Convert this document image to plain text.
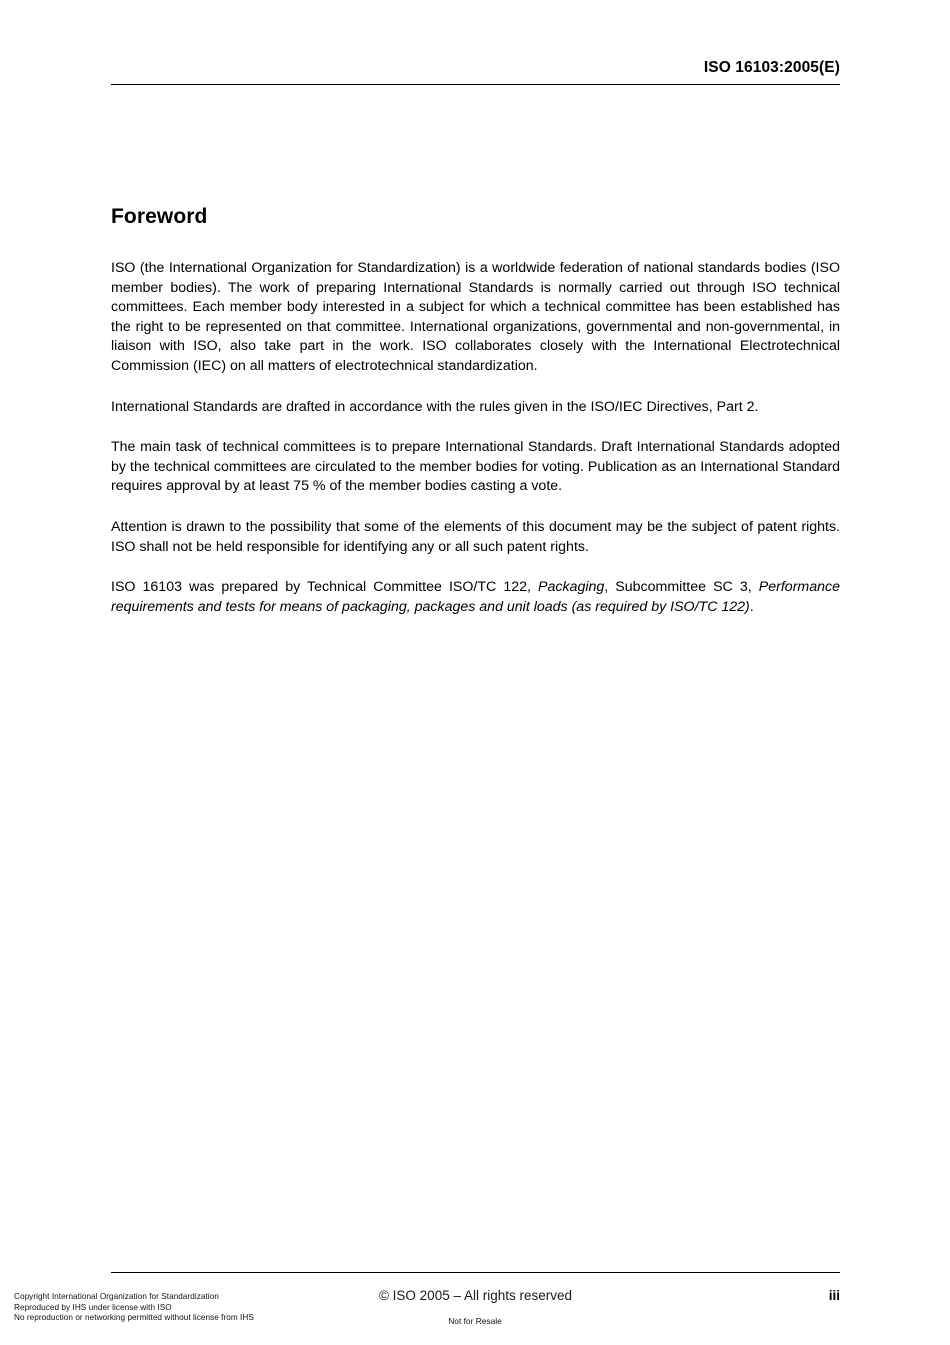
ISO 16103:2005(E)
Foreword

ISO (the International Organization for Standardization) is a worldwide federation of national standards bodies (ISO member bodies). The work of preparing International Standards is normally carried out through ISO technical committees. Each member body interested in a subject for which a technical committee has been established has the right to be represented on that committee. International organizations, governmental and non-governmental, in liaison with ISO, also take part in the work. ISO collaborates closely with the International Electrotechnical Commission (IEC) on all matters of electrotechnical standardization.

International Standards are drafted in accordance with the rules given in the ISO/IEC Directives, Part 2.

The main task of technical committees is to prepare International Standards. Draft International Standards adopted by the technical committees are circulated to the member bodies for voting. Publication as an International Standard requires approval by at least 75 % of the member bodies casting a vote.

Attention is drawn to the possibility that some of the elements of this document may be the subject of patent rights. ISO shall not be held responsible for identifying any or all such patent rights.

ISO 16103 was prepared by Technical Committee ISO/TC 122, Packaging, Subcommittee SC 3, Performance requirements and tests for means of packaging, packages and unit loads (as required by ISO/TC 122).

© ISO 2005 – All rights reserved	iii
Copyright International Organization for Standardization
Reproduced by IHS under license with ISO
No reproduction or networking permitted without license from IHS	Not for Resale
